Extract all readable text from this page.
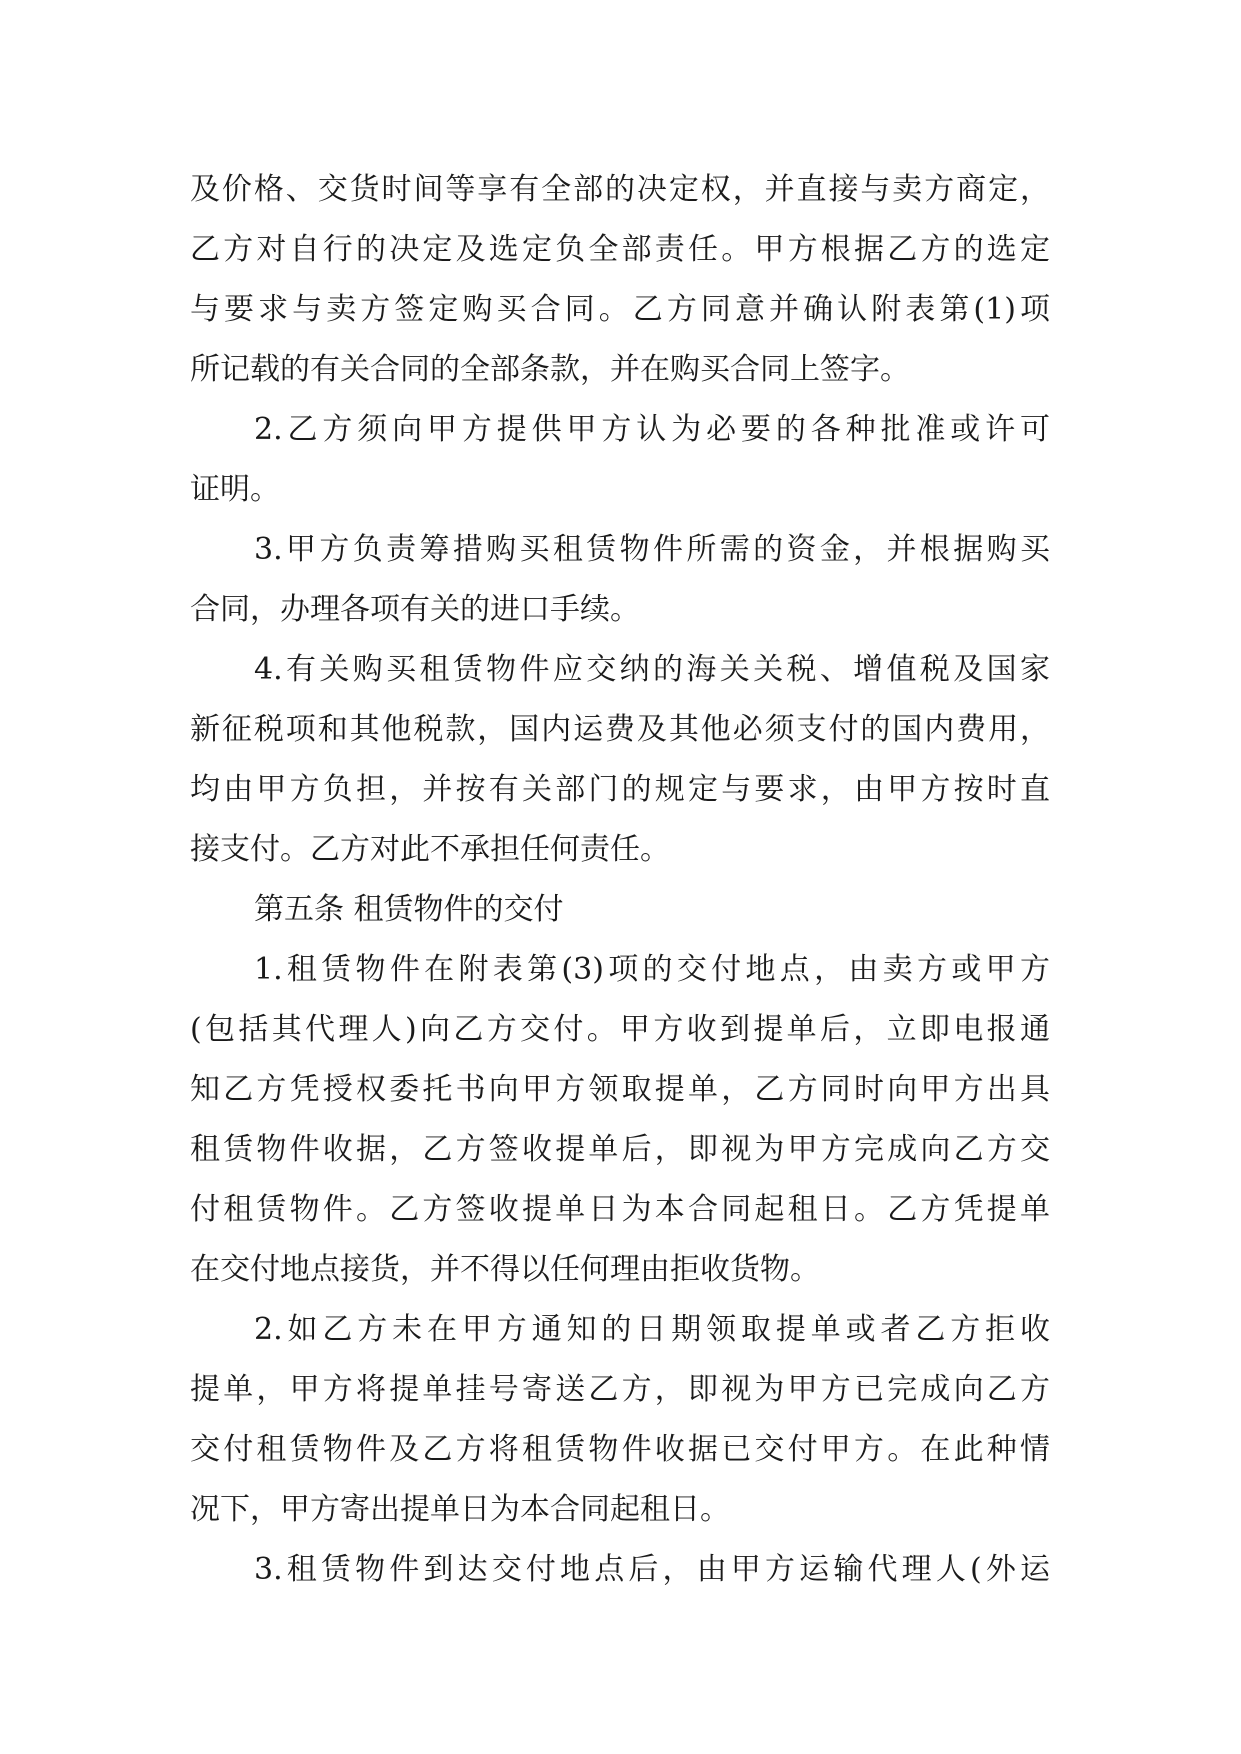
及价格、交货时间等享有全部的决定权，并直接与卖方商定，
乙方对自行的决定及选定负全部责任。甲方根据乙方的选定
与要求与卖方签定购买合同。乙方同意并确认附表第(1)项
所记载的有关合同的全部条款，并在购买合同上签字。
2.乙方须向甲方提供甲方认为必要的各种批准或许可
证明。
3.甲方负责筹措购买租赁物件所需的资金，并根据购买
合同，办理各项有关的进口手续。
4.有关购买租赁物件应交纳的海关关税、增值税及国家
新征税项和其他税款，国内运费及其他必须支付的国内费用，
均由甲方负担，并按有关部门的规定与要求，由甲方按时直
接支付。乙方对此不承担任何责任。
第五条 租赁物件的交付
1.租赁物件在附表第(3)项的交付地点，由卖方或甲方
(包括其代理人)向乙方交付。甲方收到提单后，立即电报通
知乙方凭授权委托书向甲方领取提单，乙方同时向甲方出具
租赁物件收据，乙方签收提单后，即视为甲方完成向乙方交
付租赁物件。乙方签收提单日为本合同起租日。乙方凭提单
在交付地点接货，并不得以任何理由拒收货物。
2.如乙方未在甲方通知的日期领取提单或者乙方拒收
提单，甲方将提单挂号寄送乙方，即视为甲方已完成向乙方
交付租赁物件及乙方将租赁物件收据已交付甲方。在此种情
况下，甲方寄出提单日为本合同起租日。
3.租赁物件到达交付地点后，由甲方运输代理人(外运
